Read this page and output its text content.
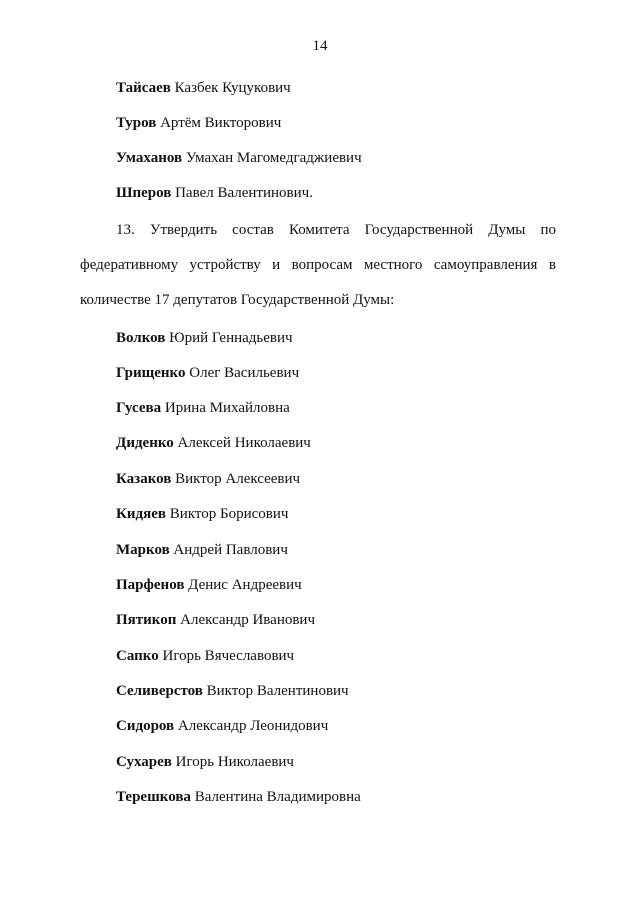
14
Тайсаев Казбек Куцукович
Туров Артём Викторович
Умаханов Умахан Магомедгаджиевич
Шперов Павел Валентинович.
13. Утвердить состав Комитета Государственной Думы по
федеративному устройству и вопросам местного самоуправления в
количестве 17 депутатов Государственной Думы:
Волков Юрий Геннадьевич
Грищенко Олег Васильевич
Гусева Ирина Михайловна
Диденко Алексей Николаевич
Казаков Виктор Алексеевич
Кидяев Виктор Борисович
Марков Андрей Павлович
Парфенов Денис Андреевич
Пятикоп Александр Иванович
Сапко Игорь Вячеславович
Селиверстов Виктор Валентинович
Сидоров Александр Леонидович
Сухарев Игорь Николаевич
Терешкова Валентина Владимировна
